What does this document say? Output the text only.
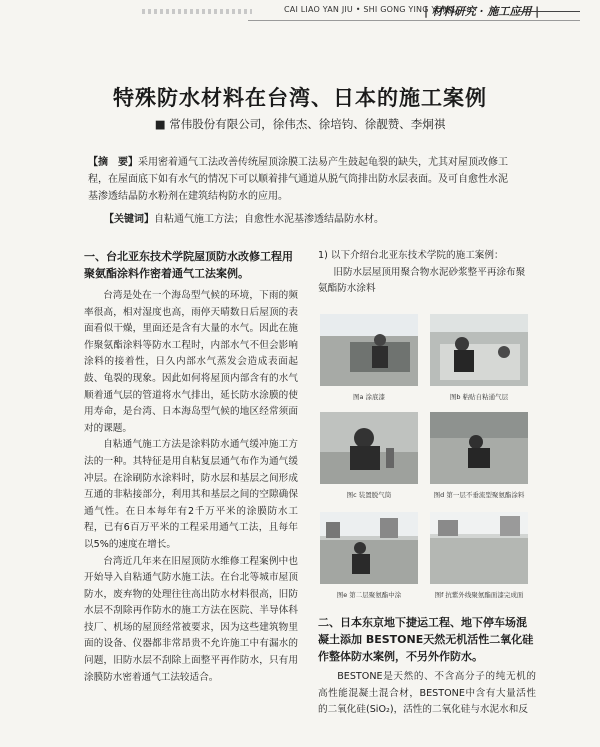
CAI LIAO YAN JIU • SHI GONG YING YONG
| 材料研究 · 施工应用 |
特殊防水材料在台湾、日本的施工案例
■ 常伟股份有限公司，徐伟杰、徐培钧、徐靓赞、李炯祺
【摘　要】采用密着通气工法改善传统屋顶涂膜工法易产生鼓起龟裂的缺失，尤其对屋顶改修工程，在屋面底下如有水气的情况下可以顺着排气通道从脱气筒排出防水层表面。及可自愈性水泥基渗透结晶防水粉剂在建筑结构防水的应用。
【关键词】自粘通气施工方法；自愈性水泥基渗透结晶防水材。

一、台北亚东技术学院屋顶防水改修工程用聚氨酯涂料作密着通气工法案例。

台湾是处在一个海岛型气候的环境，下雨的频率很高，相对湿度也高，雨停天晴数日后屋顶的表面看似干燥，里面还是含有大量的水气。因此在施作聚氨酯涂料等防水工程时，内部水气不但会影响涂料的接着性，日久内部水气蒸发会造成表面起鼓、龟裂的现象。因此如何将屋顶内部含有的水气顺着通气层的管道将水气排出，延长防水涂膜的使用寿命，是台湾、日本海岛型气候的地区经常须面对的课题。

自粘通气施工方法是涂料防水通气缓冲施工方法的一种。其特征是用自粘复层通气布作为通气缓冲层。在涂刷防水涂料时，防水层和基层之间形成互通的非粘接部分，利用其和基层之间的空隙确保通气性。在日本每年有2千万平米的涂膜防水工程，已有6百万平米的工程采用通气工法，且每年以5%的速度在增长。

台湾近几年来在旧屋顶防水维修工程案例中也开始导入自粘通气防水施工法。在台北等城市屋顶防水，废弃物的处理往往高出防水材料很高，旧防水层不刮除再作防水的施工方法在医院、半导体科技厂、机场的屋顶经常被要求，因为这些建筑物里面的设备、仪器都非常昂贵不允许施工中有漏水的问题，旧防水层不刮除上面整平再作防水，只有用涂膜防水密着通气工法较适合。

1) 以下介绍台北亚东技术学院的施工案例：

旧防水层屋顶用聚合物水泥砂浆整平再涂布聚氨酯防水涂料

图a 涂底漆	图b 粘贴自粘通气层
图c 装置脱气筒	图d 第一层不垂流型聚氨酯涂料
图e 第二层聚氨酯中涂	图f 抗紫外线聚氨酯面漆完成面

二、日本东京地下捷运工程、地下停车场混凝土添加 BESTONE天然无机活性二氧化硅作整体防水案例，不另外作防水。

BESTONE是天然的、不含高分子的纯无机的高性能混凝土混合材，BESTONE中含有大量活性的二氧化硅(SiO₂)，活性的二氧化硅与水泥水和反
